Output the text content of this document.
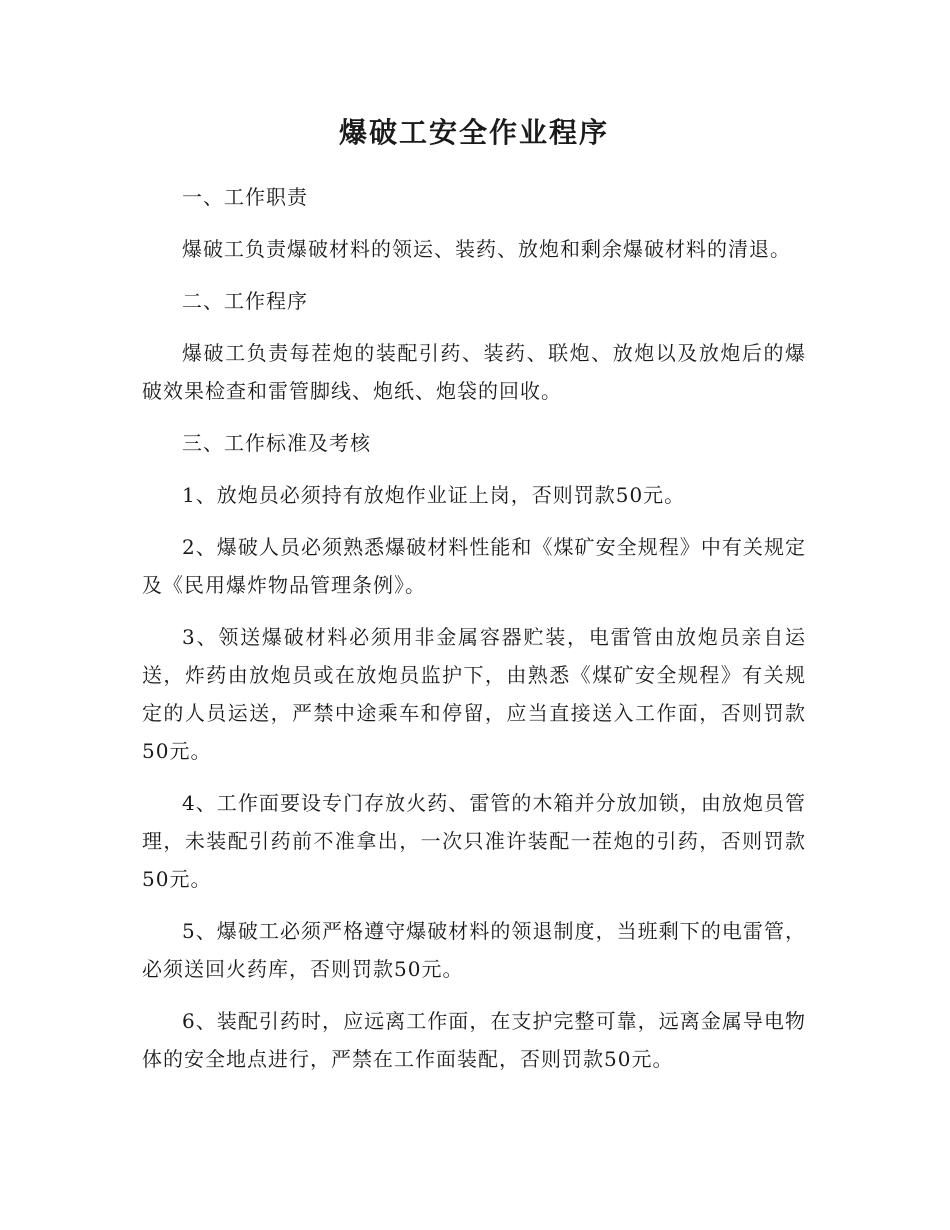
爆破工安全作业程序

一、工作职责

爆破工负责爆破材料的领运、装药、放炮和剩余爆破材料的清退。

二、工作程序

爆破工负责每茬炮的装配引药、装药、联炮、放炮以及放炮后的爆破效果检查和雷管脚线、炮纸、炮袋的回收。

三、工作标准及考核

1、放炮员必须持有放炮作业证上岗，否则罚款50元。

2、爆破人员必须熟悉爆破材料性能和《煤矿安全规程》中有关规定及《民用爆炸物品管理条例》。

3、领送爆破材料必须用非金属容器贮装，电雷管由放炮员亲自运送，炸药由放炮员或在放炮员监护下，由熟悉《煤矿安全规程》有关规定的人员运送，严禁中途乘车和停留，应当直接送入工作面，否则罚款50元。

4、工作面要设专门存放火药、雷管的木箱并分放加锁，由放炮员管理，未装配引药前不准拿出，一次只准许装配一茬炮的引药，否则罚款50元。

5、爆破工必须严格遵守爆破材料的领退制度，当班剩下的电雷管，必须送回火药库，否则罚款50元。

6、装配引药时，应远离工作面，在支护完整可靠，远离金属导电物体的安全地点进行，严禁在工作面装配，否则罚款50元。
